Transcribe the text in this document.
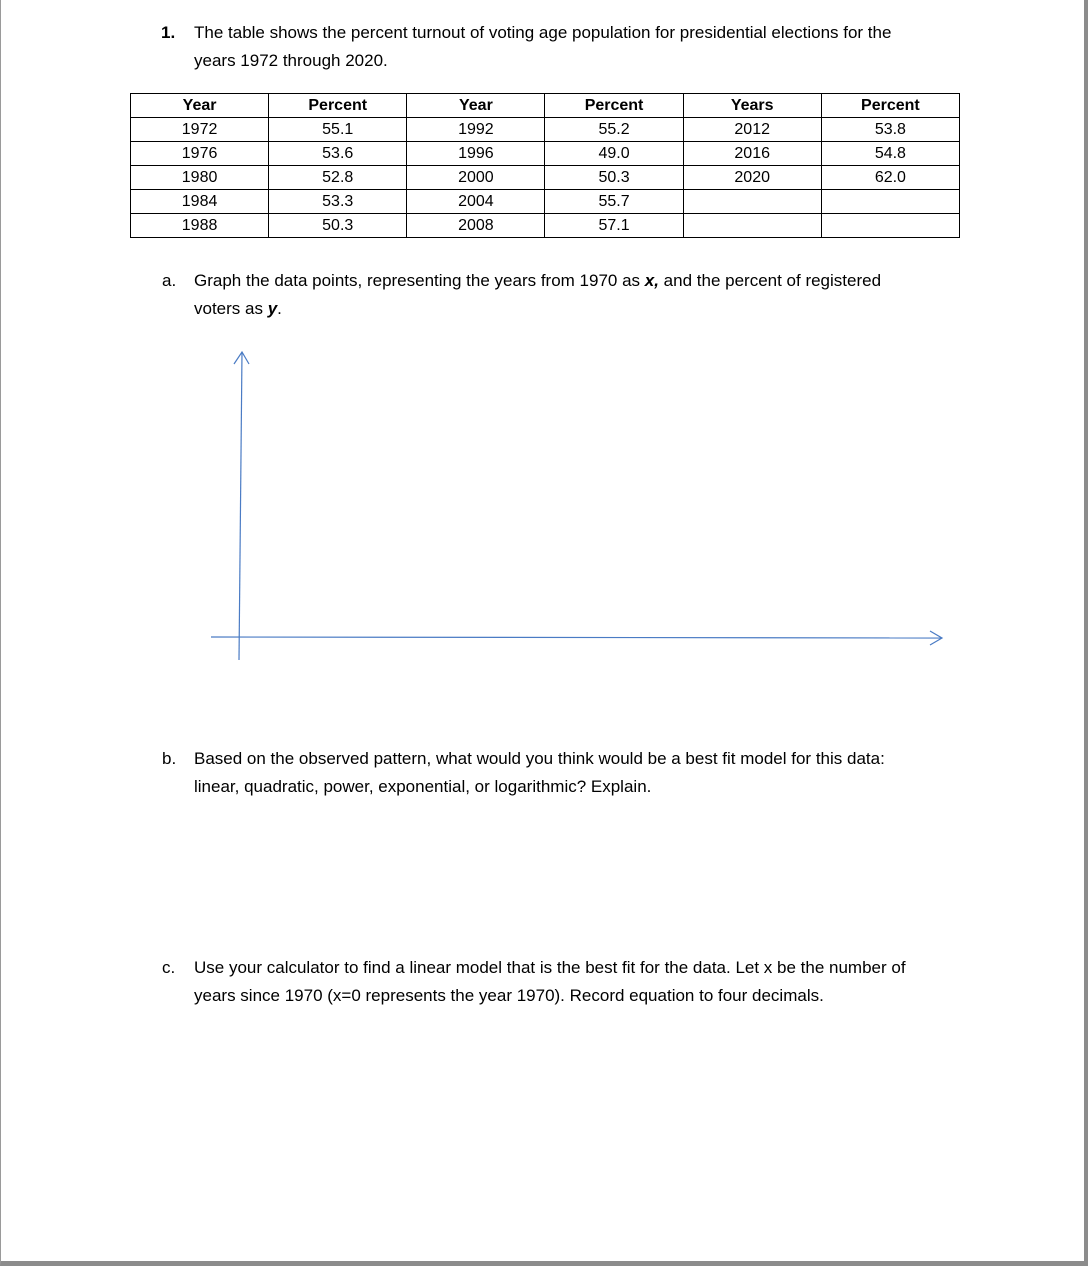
1. The table shows the percent turnout of voting age population for presidential elections for the
years 1972 through 2020.

Year	Percent	Year	Percent	Years	Percent
1972	55.1	1992	55.2	2012	53.8
1976	53.6	1996	49.0	2016	54.8
1980	52.8	2000	50.3	2020	62.0
1984	53.3	2004	55.7		
1988	50.3	2008	57.1		
a. Graph the data points, representing the years from 1970 as x, and the percent of registered
voters as y.

b. Based on the observed pattern, what would you think would be a best fit model for this data:
linear, quadratic, power, exponential, or logarithmic? Explain.

c. Use your calculator to find a linear model that is the best fit for the data. Let x be the number of
years since 1970 (x=0 represents the year 1970). Record equation to four decimals.
